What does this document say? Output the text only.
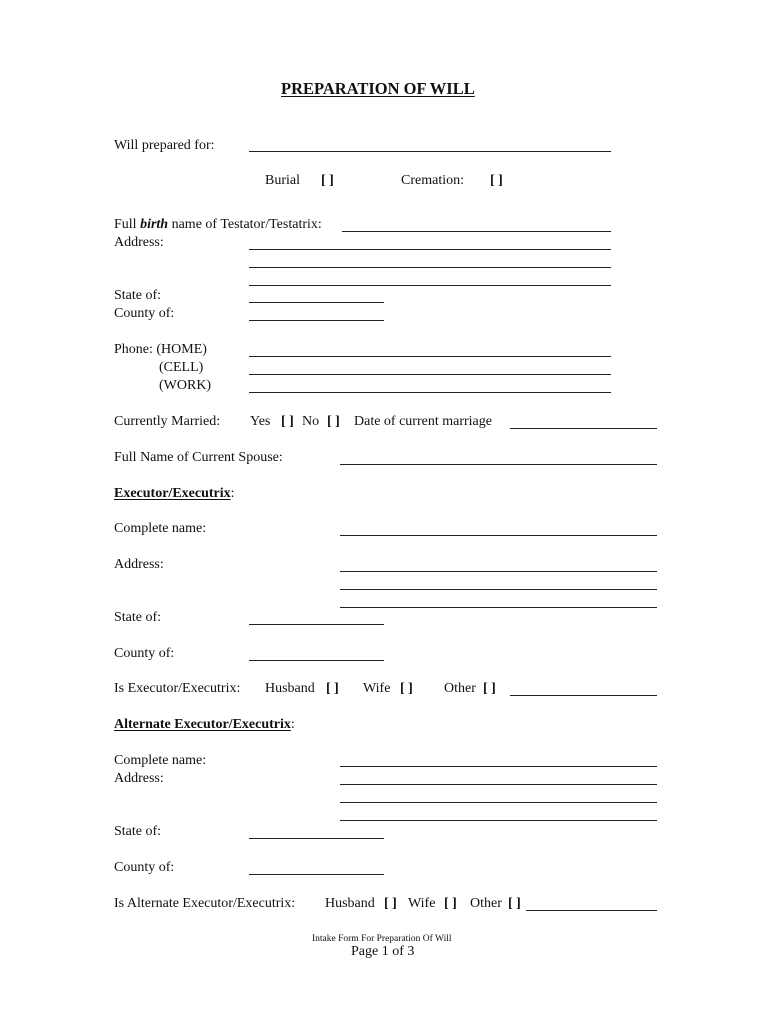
PREPARATION OF WILL
Will prepared for:
Burial [ ]	Cremation: [ ]
Full birth name of Testator/Testatrix:
Address:
State of:
County of:
Phone: (HOME)
(CELL)
(WORK)
Currently Married: Yes [ ] No [ ] Date of current marriage
Full Name of Current Spouse:
Executor/Executrix:
Complete name:
Address:
State of:
County of:
Is Executor/Executrix: Husband [ ] Wife [ ] Other [ ]
Alternate Executor/Executrix:
Complete name:
Address:
State of:
County of:
Is Alternate Executor/Executrix: Husband [ ] Wife [ ] Other [ ]
Intake Form For Preparation Of Will
Page 1 of 3
